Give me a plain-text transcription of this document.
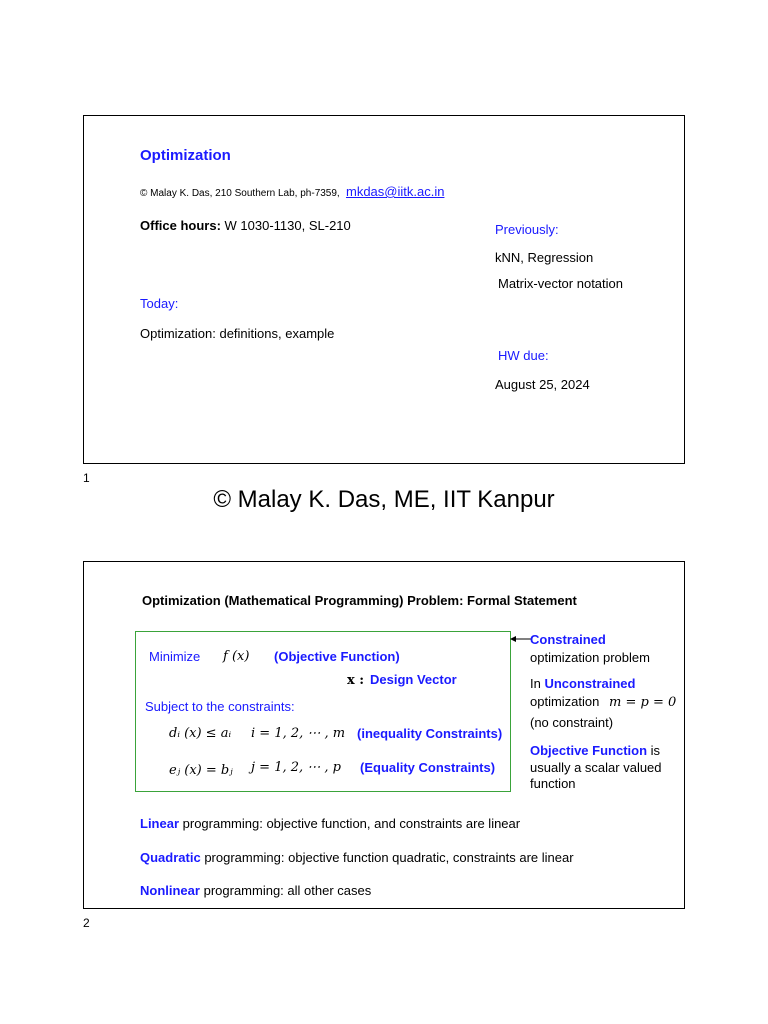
Optimization
© Malay K. Das, 210 Southern Lab, ph-7359, mkdas@iitk.ac.in
Office hours: W 1030-1130, SL-210	Previously:
kNN, Regression
Matrix-vector notation
Today:
Optimization: definitions, example
HW due:
August 25, 2024
1
© Malay K. Das, ME, IIT Kanpur
Optimization (Mathematical Programming) Problem: Formal Statement
Minimize f (x) (Objective Function)
x : Design Vector
Subject to the constraints:
dᵢ (x) ≤ aᵢ i = 1, 2, ⋯ , m (inequality Constraints)
eⱼ (x) = bⱼ j = 1, 2, ⋯ , p (Equality Constraints)
Constrained
optimization problem
In Unconstrained
optimization m = p = 0
(no constraint)
Objective Function is
usually a scalar valued
function
Linear programming: objective function, and constraints are linear
Quadratic programming: objective function quadratic, constraints are linear
Nonlinear programming: all other cases
2
